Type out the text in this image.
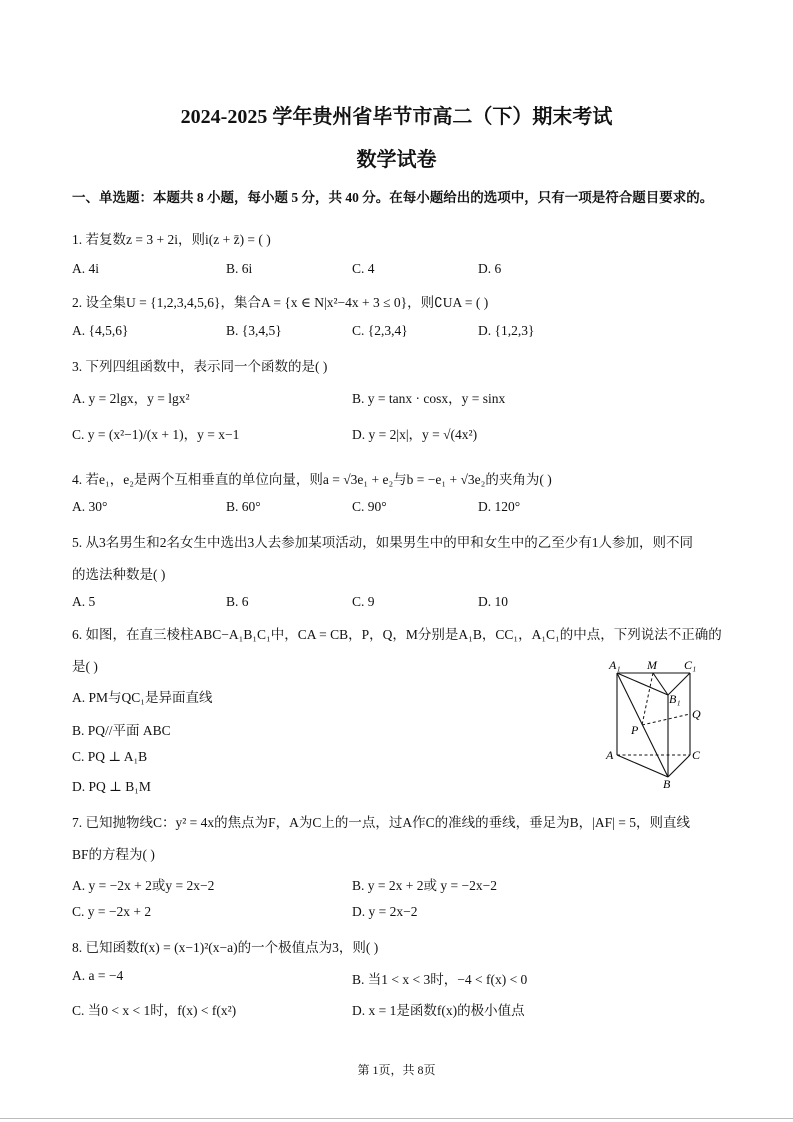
2024-2025 学年贵州省毕节市高二（下）期末考试
数学试卷
一、单选题：本题共 8 小题，每小题 5 分，共 40 分。在每小题给出的选项中，只有一项是符合题目要求的。
1. 若复数z = 3 + 2i，则i(z + z̄) = ( )
A. 4i	B. 6i	C. 4	D. 6
2. 设全集U = {1,2,3,4,5,6}，集合A = {x ∈ N|x²−4x + 3 ≤ 0}，则∁UA = ( )
A. {4,5,6}	B. {3,4,5}	C. {2,3,4}	D. {1,2,3}
3. 下列四组函数中，表示同一个函数的是( )
A. y = 2lgx，y = lgx²	B. y = tanx · cosx，y = sinx
C. y = (x²−1)/(x + 1)，y = x−1	D. y = 2|x|，y = √(4x²)
4. 若e₁，e₂是两个互相垂直的单位向量，则a = √3e₁ + e₂与b = −e₁ + √3e₂的夹角为( )
A. 30°	B. 60°	C. 90°	D. 120°
5. 从3名男生和2名女生中选出3人去参加某项活动，如果男生中的甲和女生中的乙至少有1人参加，则不同
的选法种数是( )
A. 5	B. 6	C. 9	D. 10
6. 如图，在直三棱柱ABC−A₁B₁C₁中，CA = CB，P，Q，M分别是A₁B，CC₁，A₁C₁的中点，下列说法不正确的
是( )
A. PM与QC₁是异面直线
B. PQ//平面 ABC
C. PQ ⊥ A₁B
D. PQ ⊥ B₁M
A₁ M C₁
B₁
Q
P
A	C
B
7. 已知抛物线C：y² = 4x的焦点为F，A为C上的一点，过A作C的准线的垂线，垂足为B，|AF| = 5，则直线
BF的方程为( )
A. y = −2x + 2或y = 2x−2	B. y = 2x + 2或 y = −2x−2
C. y = −2x + 2	D. y = 2x−2
8. 已知函数f(x) = (x−1)²(x−a)的一个极值点为3，则( )
A. a = −4	B. 当1 < x < 3时，−4 < f(x) < 0
C. 当0 < x < 1时，f(x) < f(x²)	D. x = 1是函数f(x)的极小值点
第 1页，共 8页
